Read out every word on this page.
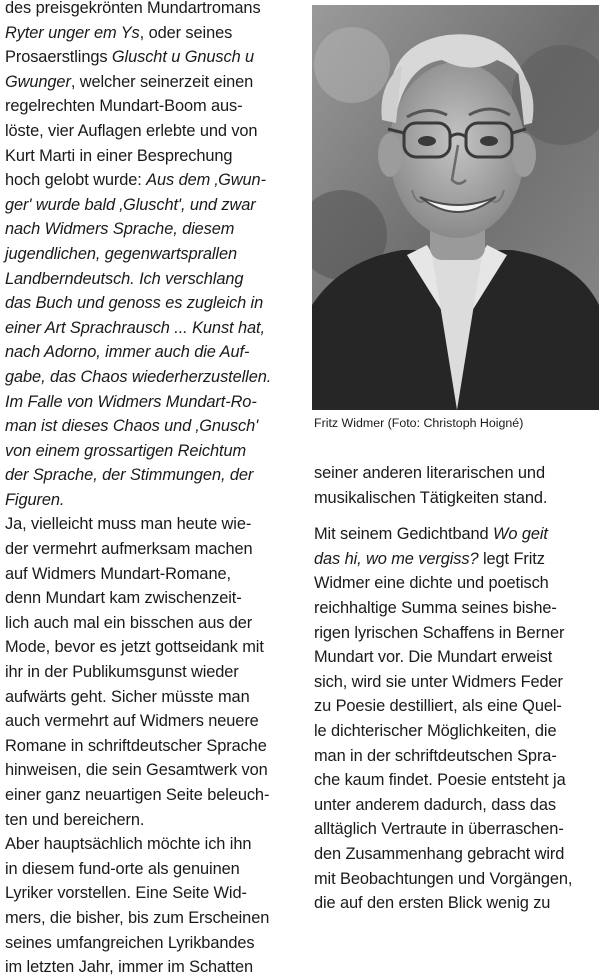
des preisgekrönten Mundartromans
Ryter unger em Ys, oder seines
Prosaerstlings Gluscht u Gnusch u
Gwunger, welcher seinerzeit einen
regelrechten Mundart-Boom aus-
löste, vier Auflagen erlebte und von
Kurt Marti in einer Besprechung
hoch gelobt wurde: Aus dem ‚Gwun-
ger' wurde bald ‚Gluscht', und zwar
nach Widmers Sprache, diesem
jugendlichen, gegenwartsprallen
Landberndeutsch. Ich verschlang
das Buch und genoss es zugleich in
einer Art Sprachrausch ... Kunst hat,
nach Adorno, immer auch die Auf-
gabe, das Chaos wiederherzustellen.
Im Falle von Widmers Mundart-Ro-
man ist dieses Chaos und ‚Gnusch'
von einem grossartigen Reichtum
der Sprache, der Stimmungen, der
Figuren.
Ja, vielleicht muss man heute wie-
der vermehrt aufmerksam machen
auf Widmers Mundart-Romane,
denn Mundart kam zwischenzeit-
lich auch mal ein bisschen aus der
Mode, bevor es jetzt gottseidank mit
ihr in der Publikumsgunst wieder
aufwärts geht. Sicher müsste man
auch vermehrt auf Widmers neuere
Romane in schriftdeutscher Sprache
hinweisen, die sein Gesamtwerk von
einer ganz neuartigen Seite beleuch-
ten und bereichern.
Aber hauptsächlich möchte ich ihn
in diesem fund-orte als genuinen
Lyriker vorstellen. Eine Seite Wid-
mers, die bisher, bis zum Erscheinen
seines umfangreichen Lyrikbandes
im letzten Jahr, immer im Schatten
Fritz Widmer (Foto: Christoph Hoigné)
seiner anderen literarischen und
musikalischen Tätigkeiten stand.
Mit seinem Gedichtband Wo geit
das hi, wo me vergiss? legt Fritz
Widmer eine dichte und poetisch
reichhaltige Summa seines bishe-
rigen lyrischen Schaffens in Berner
Mundart vor. Die Mundart erweist
sich, wird sie unter Widmers Feder
zu Poesie destilliert, als eine Quel-
le dichterischer Möglichkeiten, die
man in der schriftdeutschen Spra-
che kaum findet. Poesie entsteht ja
unter anderem dadurch, dass das
alltäglich Vertraute in überraschen-
den Zusammenhang gebracht wird
mit Beobachtungen und Vorgängen,
die auf den ersten Blick wenig zu
